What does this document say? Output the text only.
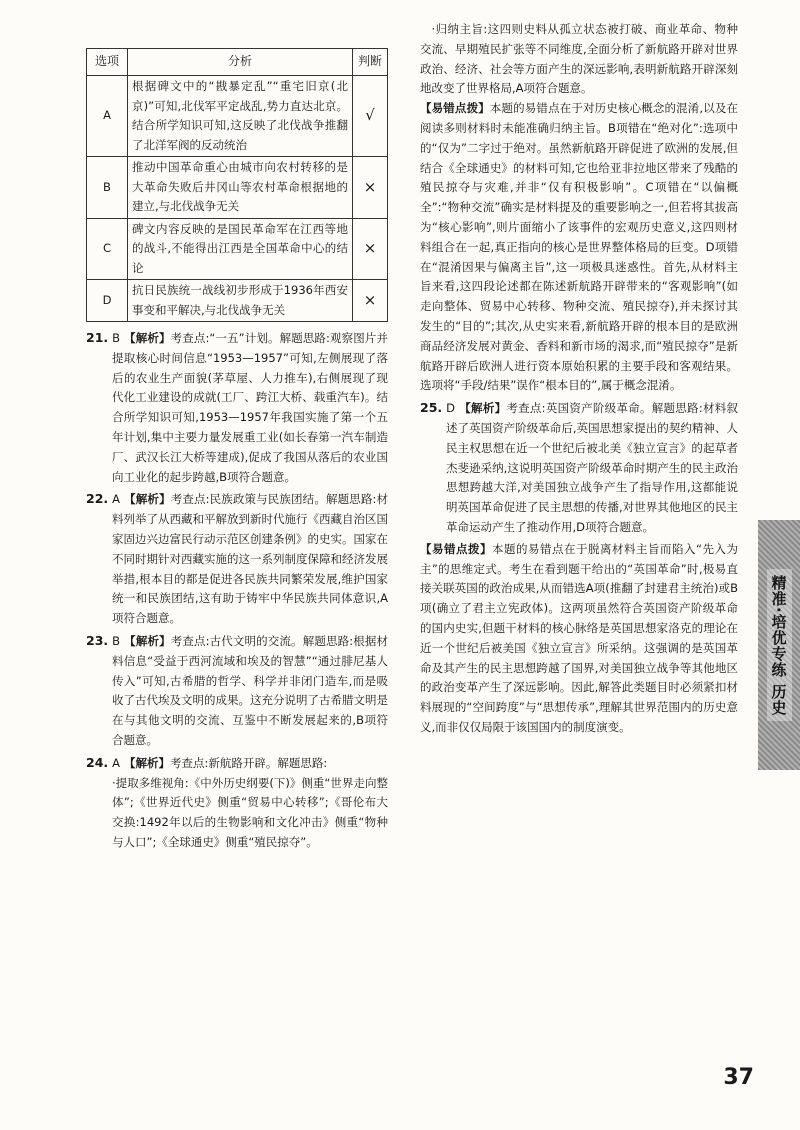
选项	分析	判断
A	根据碑文中的“戡暴定乱”“重宅旧京(北京)”可知,北伐军平定战乱,势力直达北京。结合所学知识可知,这反映了北伐战争推翻了北洋军阀的反动统治	√
B	推动中国革命重心由城市向农村转移的是大革命失败后井冈山等农村革命根据地的建立,与北伐战争无关	×
C	碑文内容反映的是国民革命军在江西等地的战斗,不能得出江西是全国革命中心的结论	×
D	抗日民族统一战线初步形成于1936年西安事变和平解决,与北伐战争无关	×

21. B 【解析】考查点:“一五”计划。解题思路:观察图片并提取核心时间信息“1953—1957”可知,左侧展现了落后的农业生产面貌(茅草屋、人力推车),右侧展现了现代化工业建设的成就(工厂、跨江大桥、载重汽车)。结合所学知识可知,1953—1957年我国实施了第一个五年计划,集中主要力量发展重工业(如长春第一汽车制造厂、武汉长江大桥等建成),促成了我国从落后的农业国向工业化的起步跨越,B项符合题意。

22. A 【解析】考查点:民族政策与民族团结。解题思路:材料列举了从西藏和平解放到新时代施行《西藏自治区国家固边兴边富民行动示范区创建条例》的史实。国家在不同时期针对西藏实施的这一系列制度保障和经济发展举措,根本目的都是促进各民族共同繁荣发展,维护国家统一和民族团结,这有助于铸牢中华民族共同体意识,A项符合题意。

23. B 【解析】考查点:古代文明的交流。解题思路:根据材料信息“受益于西河流域和埃及的智慧”“通过腓尼基人传入”可知,古希腊的哲学、科学并非闭门造车,而是吸收了古代埃及文明的成果。这充分说明了古希腊文明是在与其他文明的交流、互鉴中不断发展起来的,B项符合题意。

24. A 【解析】考查点:新航路开辟。解题思路:

·提取多维视角:《中外历史纲要(下)》侧重“世界走向整体”;《世界近代史》侧重“贸易中心转移”;《哥伦布大交换:1492年以后的生物影响和文化冲击》侧重“物种与人口”;《全球通史》侧重“殖民掠夺”。

·归纳主旨:这四则史料从孤立状态被打破、商业革命、物种交流、早期殖民扩张等不同维度,全面分析了新航路开辟对世界政治、经济、社会等方面产生的深远影响,表明新航路开辟深刻地改变了世界格局,A项符合题意。

【易错点拨】本题的易错点在于对历史核心概念的混淆,以及在阅读多则材料时未能准确归纳主旨。B项错在“绝对化”:选项中的“仅为”二字过于绝对。虽然新航路开辟促进了欧洲的发展,但结合《全球通史》的材料可知,它也给亚非拉地区带来了残酷的殖民掠夺与灾难,并非“仅有积极影响”。C项错在“以偏概全”:“物种交流”确实是材料提及的重要影响之一,但若将其拔高为“核心影响”,则片面缩小了该事件的宏观历史意义,这四则材料组合在一起,真正指向的核心是世界整体格局的巨变。D项错在“混淆因果与偏离主旨”,这一项极具迷惑性。首先,从材料主旨来看,这四段论述都在陈述新航路开辟带来的“客观影响”(如走向整体、贸易中心转移、物种交流、殖民掠夺),并未探讨其发生的“目的”;其次,从史实来看,新航路开辟的根本目的是欧洲商品经济发展对黄金、香料和新市场的渴求,而“殖民掠夺”是新航路开辟后欧洲人进行资本原始积累的主要手段和客观结果。选项将“手段/结果”误作“根本目的”,属于概念混淆。

25. D 【解析】考查点:英国资产阶级革命。解题思路:材料叙述了英国资产阶级革命后,英国思想家提出的契约精神、人民主权思想在近一个世纪后被北美《独立宣言》的起草者杰斐逊采纳,这说明英国资产阶级革命时期产生的民主政治思想跨越大洋,对美国独立战争产生了指导作用,这都能说明英国革命促进了民主思想的传播,对世界其他地区的民主革命运动产生了推动作用,D项符合题意。

【易错点拨】本题的易错点在于脱离材料主旨而陷入“先入为主”的思维定式。考生在看到题干给出的“英国革命”时,极易直接关联英国的政治成果,从而错选A项(推翻了封建君主统治)或B项(确立了君主立宪政体)。这两项虽然符合英国资产阶级革命的国内史实,但题干材料的核心脉络是英国思想家洛克的理论在近一个世纪后被美国《独立宣言》所采纳。这强调的是英国革命及其产生的民主思想跨越了国界,对美国独立战争等其他地区的政治变革产生了深远影响。因此,解答此类题目时必须紧扣材料展现的“空间跨度”与“思想传承”,理解其世界范围内的历史意义,而非仅仅局限于该国国内的制度演变。

精准·培优专练 历史
37
